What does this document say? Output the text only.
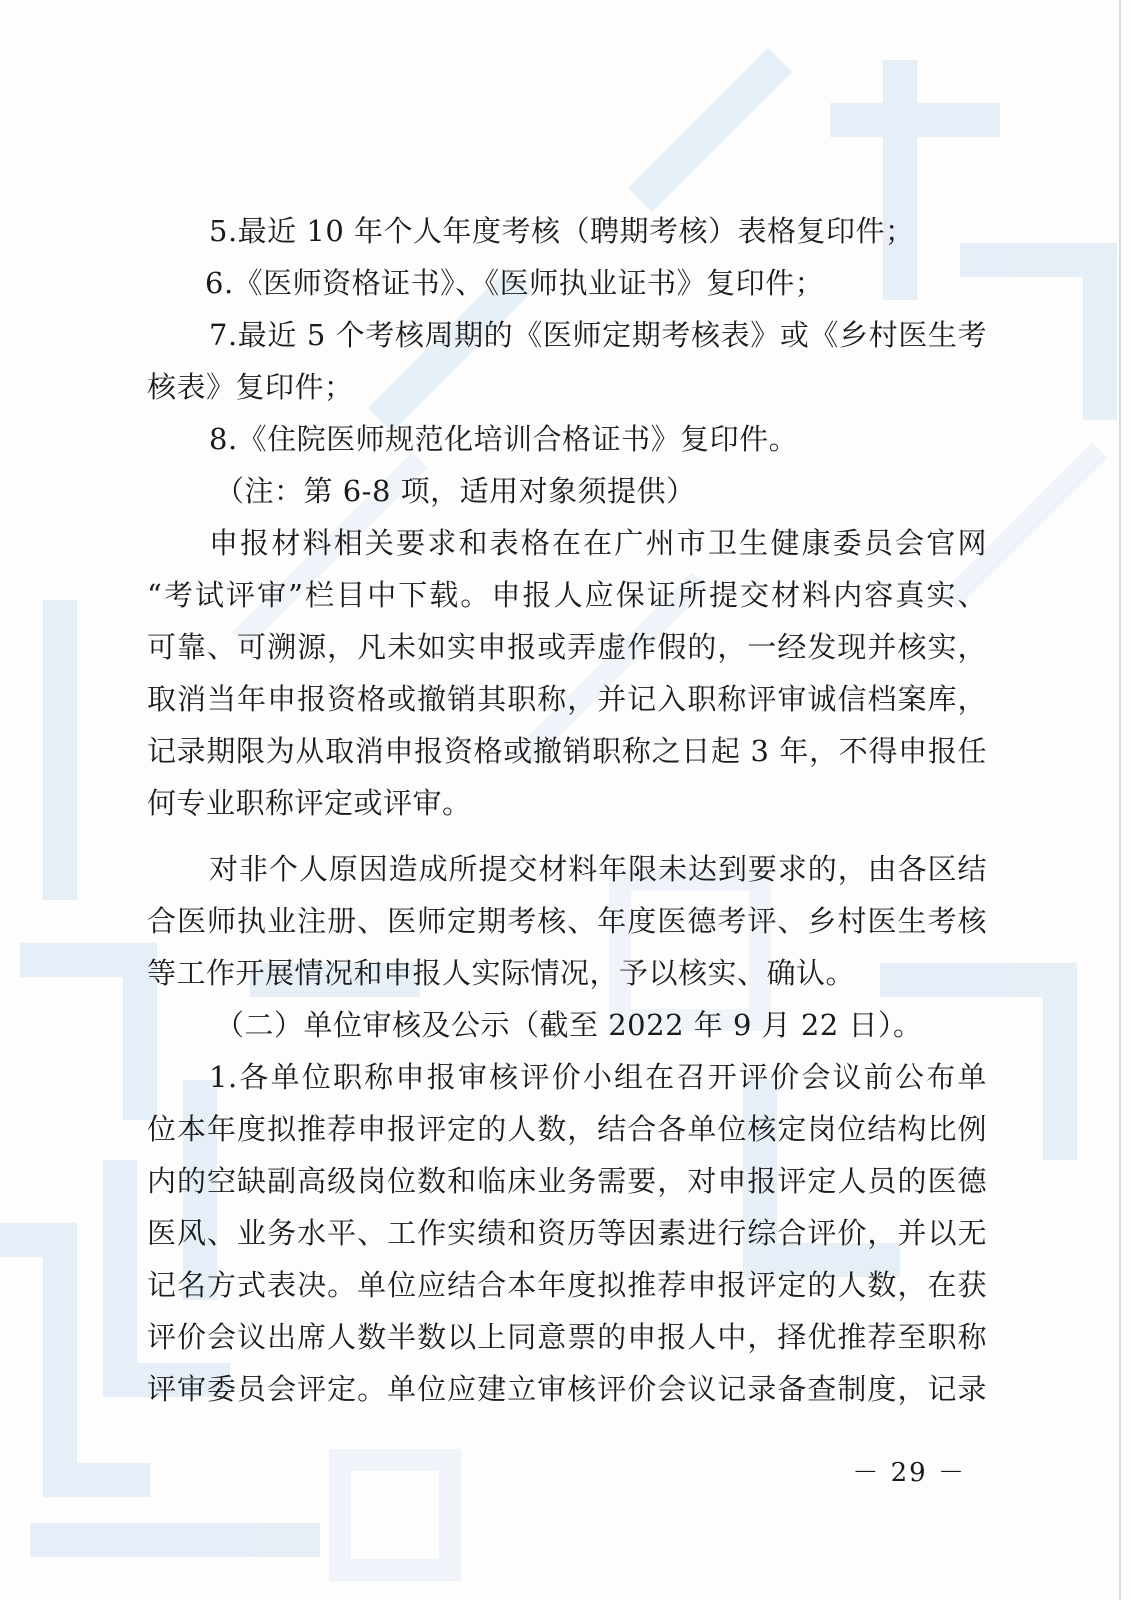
5.最近 10 年个人年度考核（聘期考核）表格复印件；
6.《医师资格证书》、《医师执业证书》复印件；
7.最近 5 个考核周期的《医师定期考核表》或《乡村医生考
核表》复印件；
8.《住院医师规范化培训合格证书》复印件。
（注：第 6-8 项，适用对象须提供）
申报材料相关要求和表格在在广州市卫生健康委员会官网
“考试评审”栏目中下载。申报人应保证所提交材料内容真实、
可靠、可溯源，凡未如实申报或弄虚作假的，一经发现并核实，
取消当年申报资格或撤销其职称，并记入职称评审诚信档案库，
记录期限为从取消申报资格或撤销职称之日起 3 年，不得申报任
何专业职称评定或评审。
对非个人原因造成所提交材料年限未达到要求的，由各区结
合医师执业注册、医师定期考核、年度医德考评、乡村医生考核
等工作开展情况和申报人实际情况，予以核实、确认。
（二）单位审核及公示（截至 2022 年 9 月 22 日）。
1.各单位职称申报审核评价小组在召开评价会议前公布单
位本年度拟推荐申报评定的人数，结合各单位核定岗位结构比例
内的空缺副高级岗位数和临床业务需要，对申报评定人员的医德
医风、业务水平、工作实绩和资历等因素进行综合评价，并以无
记名方式表决。单位应结合本年度拟推荐申报评定的人数，在获
评价会议出席人数半数以上同意票的申报人中，择优推荐至职称
评审委员会评定。单位应建立审核评价会议记录备查制度，记录
－ 29 －
